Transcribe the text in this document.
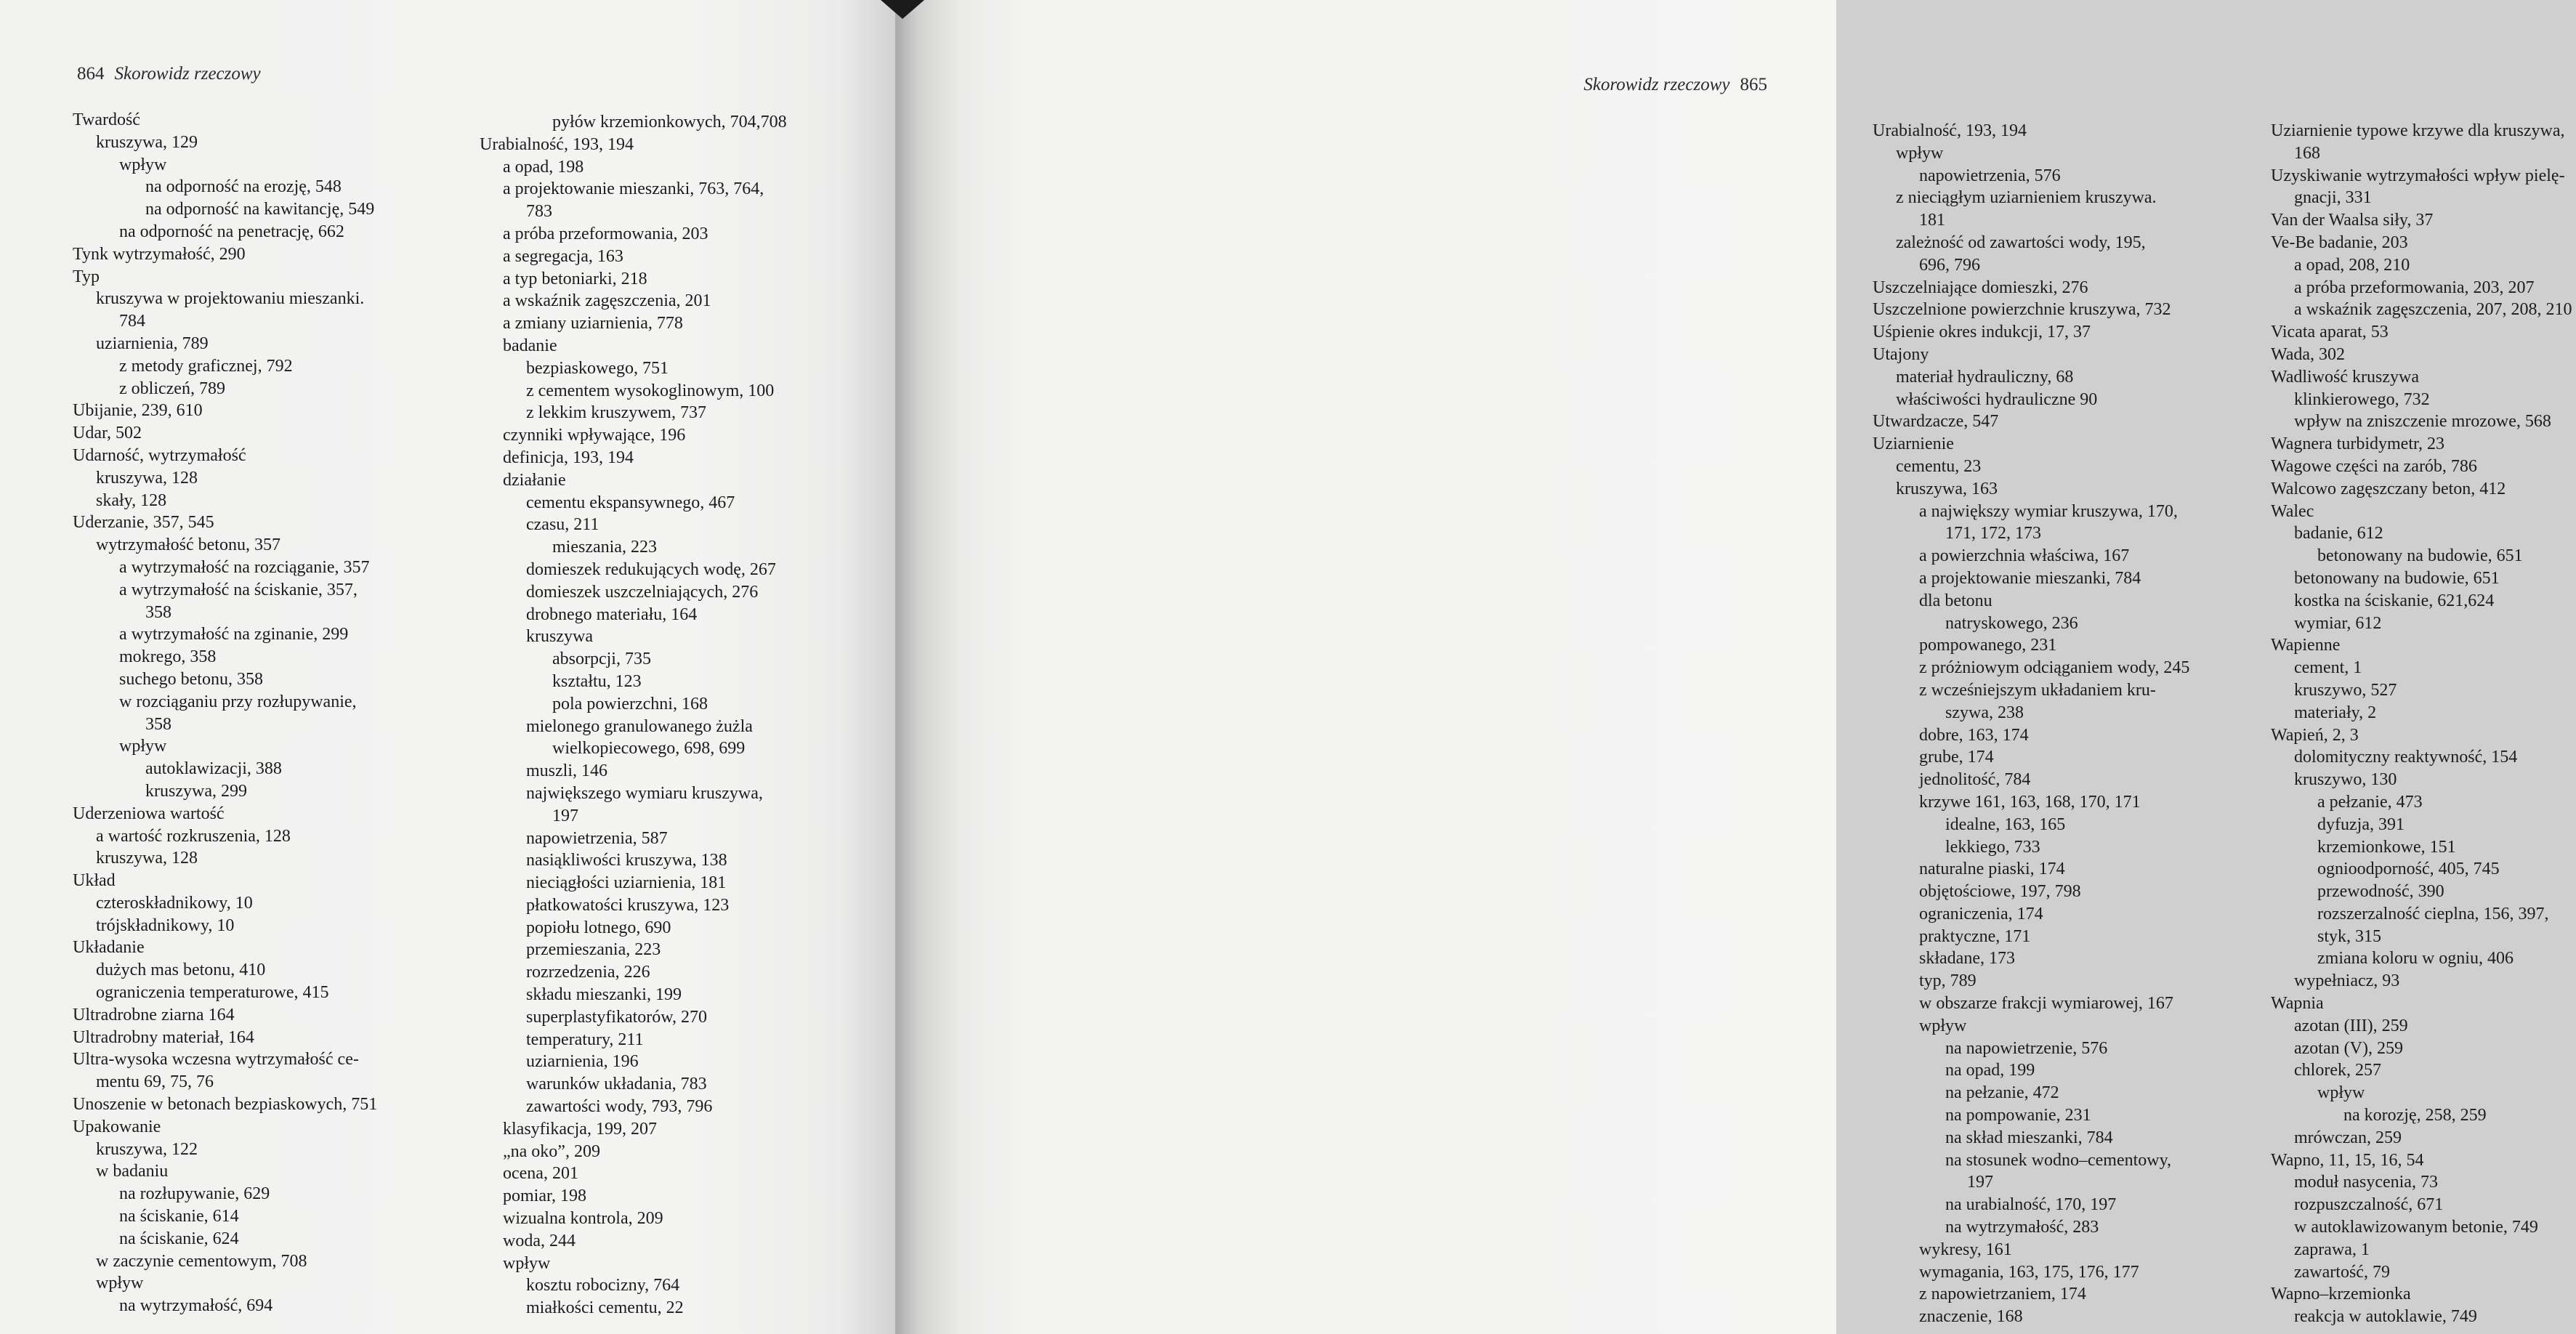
864 Skorowidz rzeczowy
Twardość
kruszywa, 129
wpływ
na odporność na erozję, 548
na odporność na kawitancję, 549
na odporność na penetrację, 662
Tynk wytrzymałość, 290
Typ
kruszywa w projektowaniu mieszanki.
784
uziarnienia, 789
z metody graficznej, 792
z obliczeń, 789
Ubijanie, 239, 610
Udar, 502
Udarność, wytrzymałość
kruszywa, 128
skały, 128
Uderzanie, 357, 545
wytrzymałość betonu, 357
a wytrzymałość na rozciąganie, 357
a wytrzymałość na ściskanie, 357,
358
a wytrzymałość na zginanie, 299
mokrego, 358
suchego betonu, 358
w rozciąganiu przy rozłupywanie,
358
wpływ
autoklawizacji, 388
kruszywa, 299
Uderzeniowa wartość
a wartość rozkruszenia, 128
kruszywa, 128
Układ
czteroskładnikowy, 10
trójskładnikowy, 10
Układanie
dużych mas betonu, 410
ograniczenia temperaturowe, 415
Ultradrobne ziarna 164
Ultradrobny materiał, 164
Ultra-wysoka wczesna wytrzymałość ce-
mentu 69, 75, 76
Unoszenie w betonach bezpiaskowych, 751
Upakowanie
kruszywa, 122
w badaniu
na rozłupywanie, 629
na ściskanie, 614
na ściskanie, 624
w zaczynie cementowym, 708
wpływ
na wytrzymałość, 694
pyłów krzemionkowych, 704,708
Urabialność, 193, 194
a opad, 198
a projektowanie mieszanki, 763, 764,
783
a próba przeformowania, 203
a segregacja, 163
a typ betoniarki, 218
a wskaźnik zagęszczenia, 201
a zmiany uziarnienia, 778
badanie
bezpiaskowego, 751
z cementem wysokoglinowym, 100
z lekkim kruszywem, 737
czynniki wpływające, 196
definicja, 193, 194
działanie
cementu ekspansywnego, 467
czasu, 211
mieszania, 223
domieszek redukujących wodę, 267
domieszek uszczelniających, 276
drobnego materiału, 164
kruszywa
absorpcji, 735
kształtu, 123
pola powierzchni, 168
mielonego granulowanego żużla
wielkopiecowego, 698, 699
muszli, 146
największego wymiaru kruszywa,
197
napowietrzenia, 587
nasiąkliwości kruszywa, 138
nieciągłości uziarnienia, 181
płatkowatości kruszywa, 123
popiołu lotnego, 690
przemieszania, 223
rozrzedzenia, 226
składu mieszanki, 199
superplastyfikatorów, 270
temperatury, 211
uziarnienia, 196
warunków układania, 783
zawartości wody, 793, 796
klasyfikacja, 199, 207
„na oko”, 209
ocena, 201
pomiar, 198
wizualna kontrola, 209
woda, 244
wpływ
kosztu robocizny, 764
miałkości cementu, 22
Skorowidz rzeczowy 865
Urabialność, 193, 194
wpływ
napowietrzenia, 576
z nieciągłym uziarnieniem kruszywa.
181
zależność od zawartości wody, 195,
696, 796
Uszczelniające domieszki, 276
Uszczelnione powierzchnie kruszywa, 732
Uśpienie okres indukcji, 17, 37
Utajony
materiał hydrauliczny, 68
właściwości hydrauliczne 90
Utwardzacze, 547
Uziarnienie
cementu, 23
kruszywa, 163
a największy wymiar kruszywa, 170,
171, 172, 173
a powierzchnia właściwa, 167
a projektowanie mieszanki, 784
dla betonu
natryskowego, 236
pompowanego, 231
z próżniowym odciąganiem wody, 245
z wcześniejszym układaniem kru-
szywa, 238
dobre, 163, 174
grube, 174
jednolitość, 784
krzywe 161, 163, 168, 170, 171
idealne, 163, 165
lekkiego, 733
naturalne piaski, 174
objętościowe, 197, 798
ograniczenia, 174
praktyczne, 171
składane, 173
typ, 789
w obszarze frakcji wymiarowej, 167
wpływ
na napowietrzenie, 576
na opad, 199
na pełzanie, 472
na pompowanie, 231
na skład mieszanki, 784
na stosunek wodno–cementowy,
197
na urabialność, 170, 197
na wytrzymałość, 283
wykresy, 161
wymagania, 163, 175, 176, 177
z napowietrzaniem, 174
znaczenie, 168
Uziarnienie typowe krzywe dla kruszywa,
168
Uzyskiwanie wytrzymałości wpływ pielę-
gnacji, 331
Van der Waalsa siły, 37
Ve-Be badanie, 203
a opad, 208, 210
a próba przeformowania, 203, 207
a wskaźnik zagęszczenia, 207, 208, 210
Vicata aparat, 53
Wada, 302
Wadliwość kruszywa
klinkierowego, 732
wpływ na zniszczenie mrozowe, 568
Wagnera turbidymetr, 23
Wagowe części na zarób, 786
Walcowo zagęszczany beton, 412
Walec
badanie, 612
betonowany na budowie, 651
betonowany na budowie, 651
kostka na ściskanie, 621,624
wymiar, 612
Wapienne
cement, 1
kruszywo, 527
materiały, 2
Wapień, 2, 3
dolomityczny reaktywność, 154
kruszywo, 130
a pełzanie, 473
dyfuzja, 391
krzemionkowe, 151
ognioodporność, 405, 745
przewodność, 390
rozszerzalność cieplna, 156, 397,
styk, 315
zmiana koloru w ogniu, 406
wypełniacz, 93
Wapnia
azotan (III), 259
azotan (V), 259
chlorek, 257
wpływ
na korozję, 258, 259
mrówczan, 259
Wapno, 11, 15, 16, 54
moduł nasycenia, 73
rozpuszczalność, 671
w autoklawizowanym betonie, 749
zaprawa, 1
zawartość, 79
Wapno–krzemionka
reakcja w autoklawie, 749
